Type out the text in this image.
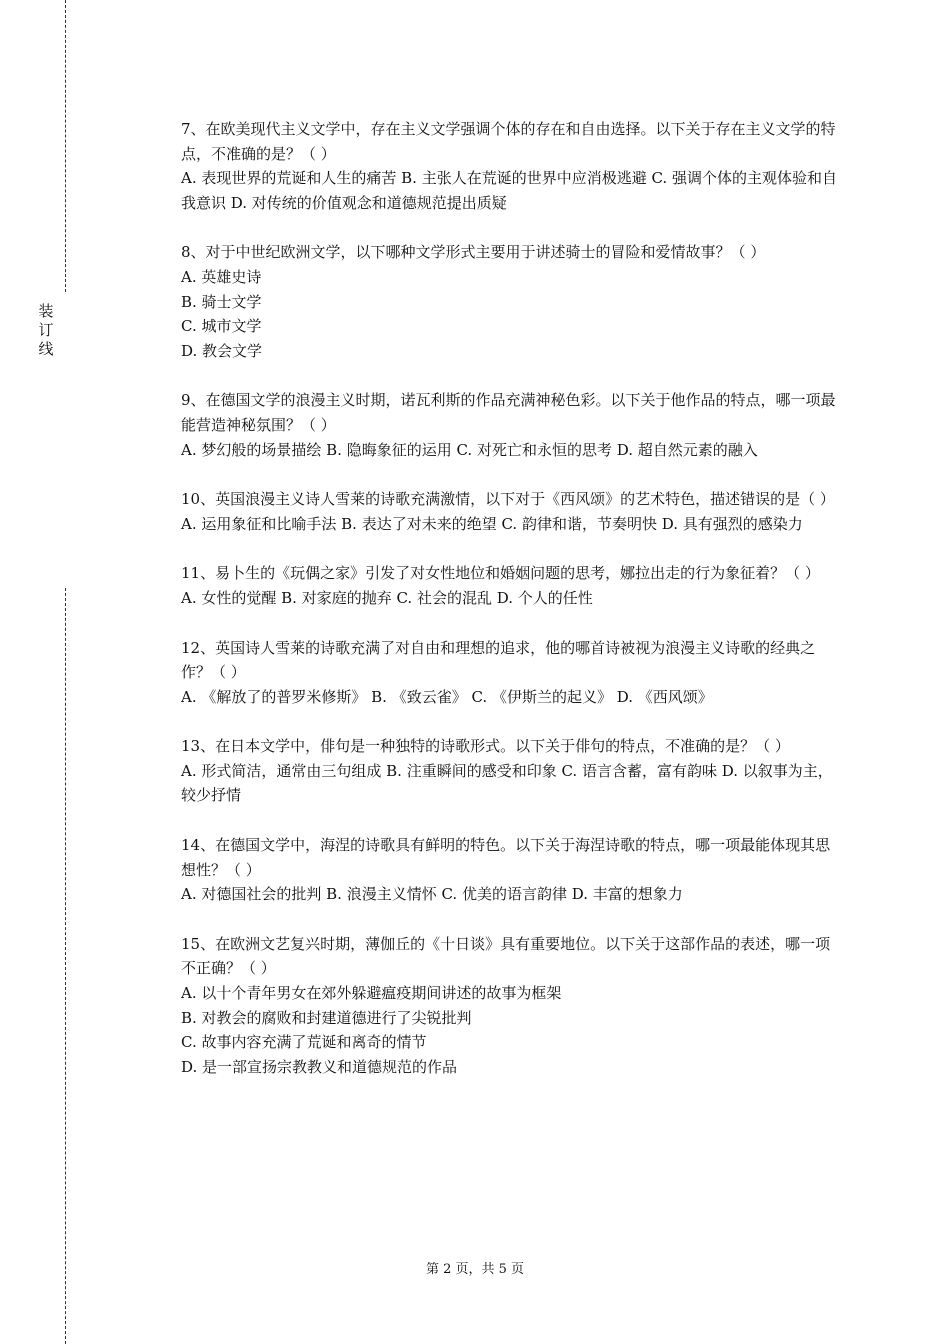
装订线

7、在欧美现代主义文学中，存在主义文学强调个体的存在和自由选择。以下关于存在主义文学的特点，不准确的是？（ ）

A. 表现世界的荒诞和人生的痛苦 B. 主张人在荒诞的世界中应消极逃避 C. 强调个体的主观体验和自我意识 D. 对传统的价值观念和道德规范提出质疑

8、对于中世纪欧洲文学，以下哪种文学形式主要用于讲述骑士的冒险和爱情故事？（ ）

A. 英雄史诗

B. 骑士文学

C. 城市文学

D. 教会文学

9、在德国文学的浪漫主义时期，诺瓦利斯的作品充满神秘色彩。以下关于他作品的特点，哪一项最能营造神秘氛围？（ ）

A. 梦幻般的场景描绘 B. 隐晦象征的运用 C. 对死亡和永恒的思考 D. 超自然元素的融入

10、英国浪漫主义诗人雪莱的诗歌充满激情，以下对于《西风颂》的艺术特色，描述错误的是（ ）

A. 运用象征和比喻手法 B. 表达了对未来的绝望 C. 韵律和谐，节奏明快 D. 具有强烈的感染力

11、易卜生的《玩偶之家》引发了对女性地位和婚姻问题的思考，娜拉出走的行为象征着？（ ）

A. 女性的觉醒 B. 对家庭的抛弃 C. 社会的混乱 D. 个人的任性

12、英国诗人雪莱的诗歌充满了对自由和理想的追求，他的哪首诗被视为浪漫主义诗歌的经典之作？（ ）

A. 《解放了的普罗米修斯》 B. 《致云雀》 C. 《伊斯兰的起义》 D. 《西风颂》

13、在日本文学中，俳句是一种独特的诗歌形式。以下关于俳句的特点，不准确的是？（ ）

A. 形式简洁，通常由三句组成 B. 注重瞬间的感受和印象 C. 语言含蓄，富有韵味 D. 以叙事为主，较少抒情

14、在德国文学中，海涅的诗歌具有鲜明的特色。以下关于海涅诗歌的特点，哪一项最能体现其思想性？（ ）

A. 对德国社会的批判 B. 浪漫主义情怀 C. 优美的语言韵律 D. 丰富的想象力

15、在欧洲文艺复兴时期，薄伽丘的《十日谈》具有重要地位。以下关于这部作品的表述，哪一项不正确？（ ）

A. 以十个青年男女在郊外躲避瘟疫期间讲述的故事为框架

B. 对教会的腐败和封建道德进行了尖锐批判

C. 故事内容充满了荒诞和离奇的情节

D. 是一部宣扬宗教教义和道德规范的作品

第 2 页，共 5 页
